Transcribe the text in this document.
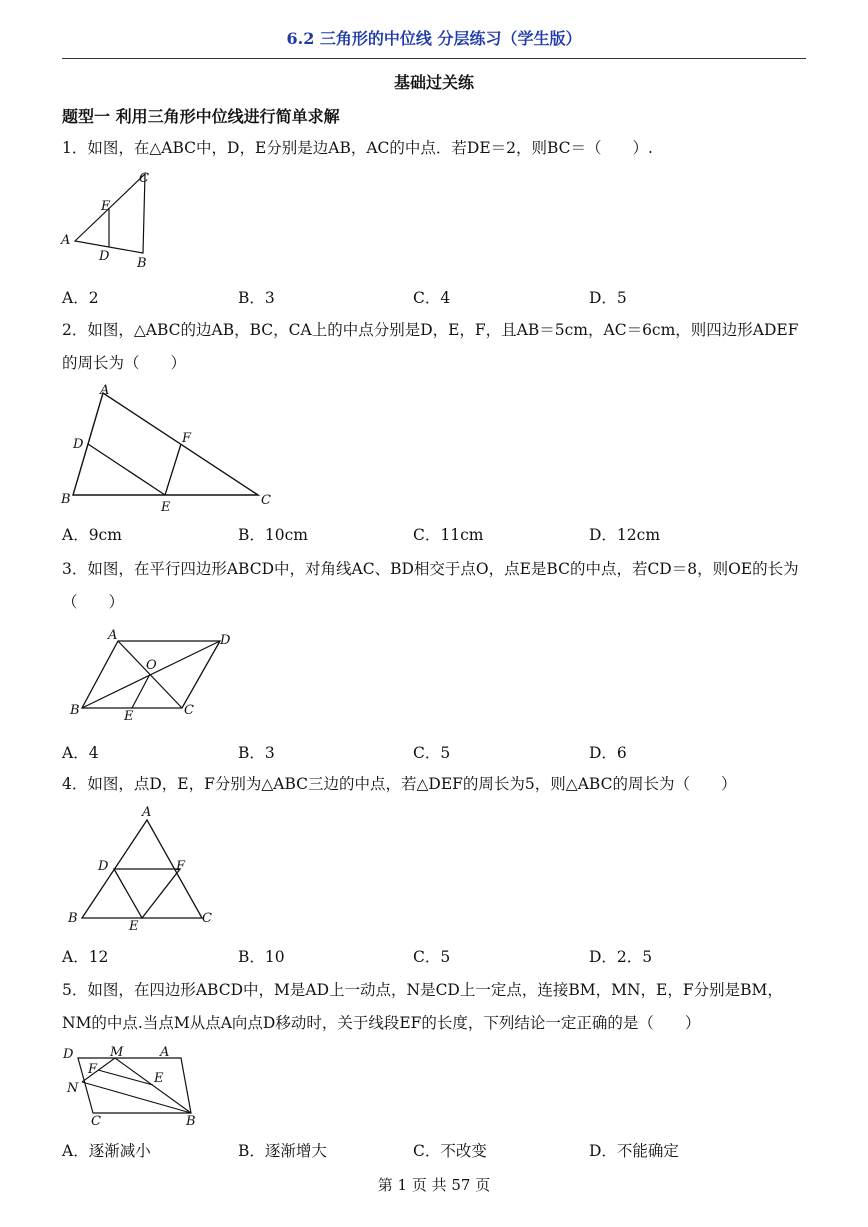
6.2 三角形的中位线 分层练习（学生版）
基础过关练
题型一 利用三角形中位线进行简单求解
1．如图，在△ABC中，D，E分别是边AB，AC的中点．若DE＝2，则BC＝（　　）.
C
E
A
D B
A．2	B．3	C．4	D．5
2．如图，△ABC的边AB，BC，CA上的中点分别是D，E，F，且AB＝5cm，AC＝6cm，则四边形ADEF的周长为（　　）
A
D	F
B
E	C
A．9cm	B．10cm	C．11cm	D．12cm
3．如图，在平行四边形ABCD中，对角线AC、BD相交于点O，点E是BC的中点，若CD＝8，则OE的长为（　　）
A	D
O
B	E	C
A．4	B．3	C．5	D．6
4．如图，点D，E，F分别为△ABC三边的中点，若△DEF的周长为5，则△ABC的周长为（　　）
A
D	F
B
E
C
A．12	B．10	C．5	D．2．5
5．如图，在四边形ABCD中，M是AD上一动点，N是CD上一定点，连接BM，MN，E，F分别是BM，NM的中点.当点M从点A向点D移动时，关于线段EF的长度，下列结论一定正确的是（　　）
D	M	A
F
E
N
C	B
A．逐渐减小	B．逐渐增大	C．不改变	D．不能确定
第 1 页 共 57 页
